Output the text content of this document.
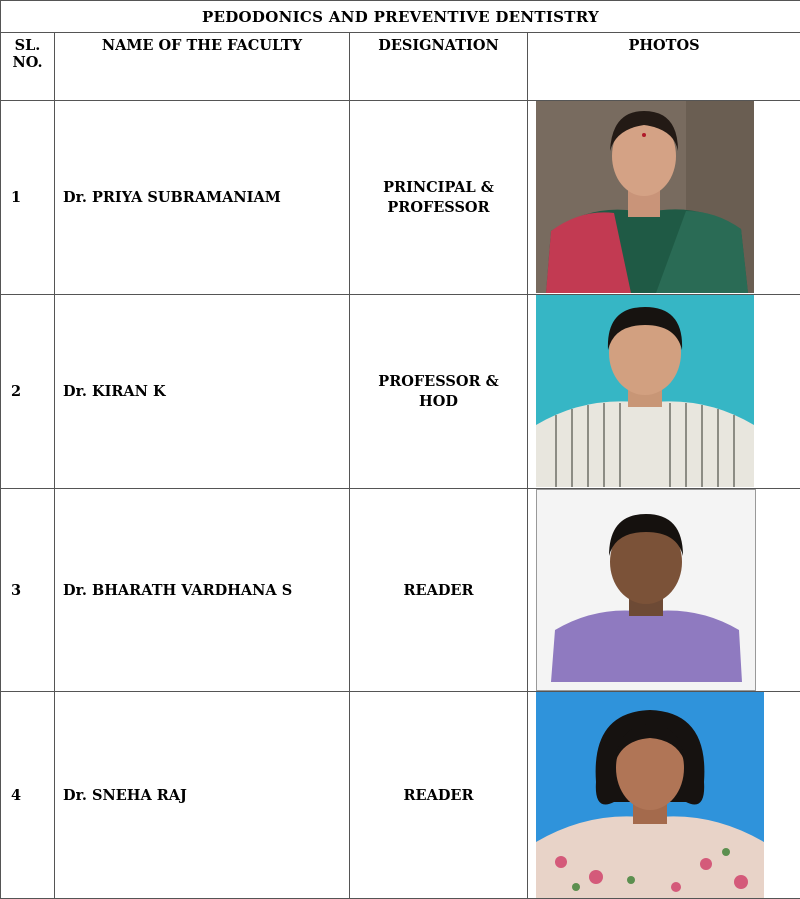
PEDODONICS AND PREVENTIVE DENTISTRY			
SL. NO.	NAME OF THE FACULTY	DESIGNATION	PHOTOS
1	Dr. PRIYA SUBRAMANIAM	PRINCIPAL & PROFESSOR

2	Dr. KIRAN K	PROFESSOR & HOD

3	Dr. BHARATH VARDHANA S	READER	

4	Dr. SNEHA RAJ	READER	
